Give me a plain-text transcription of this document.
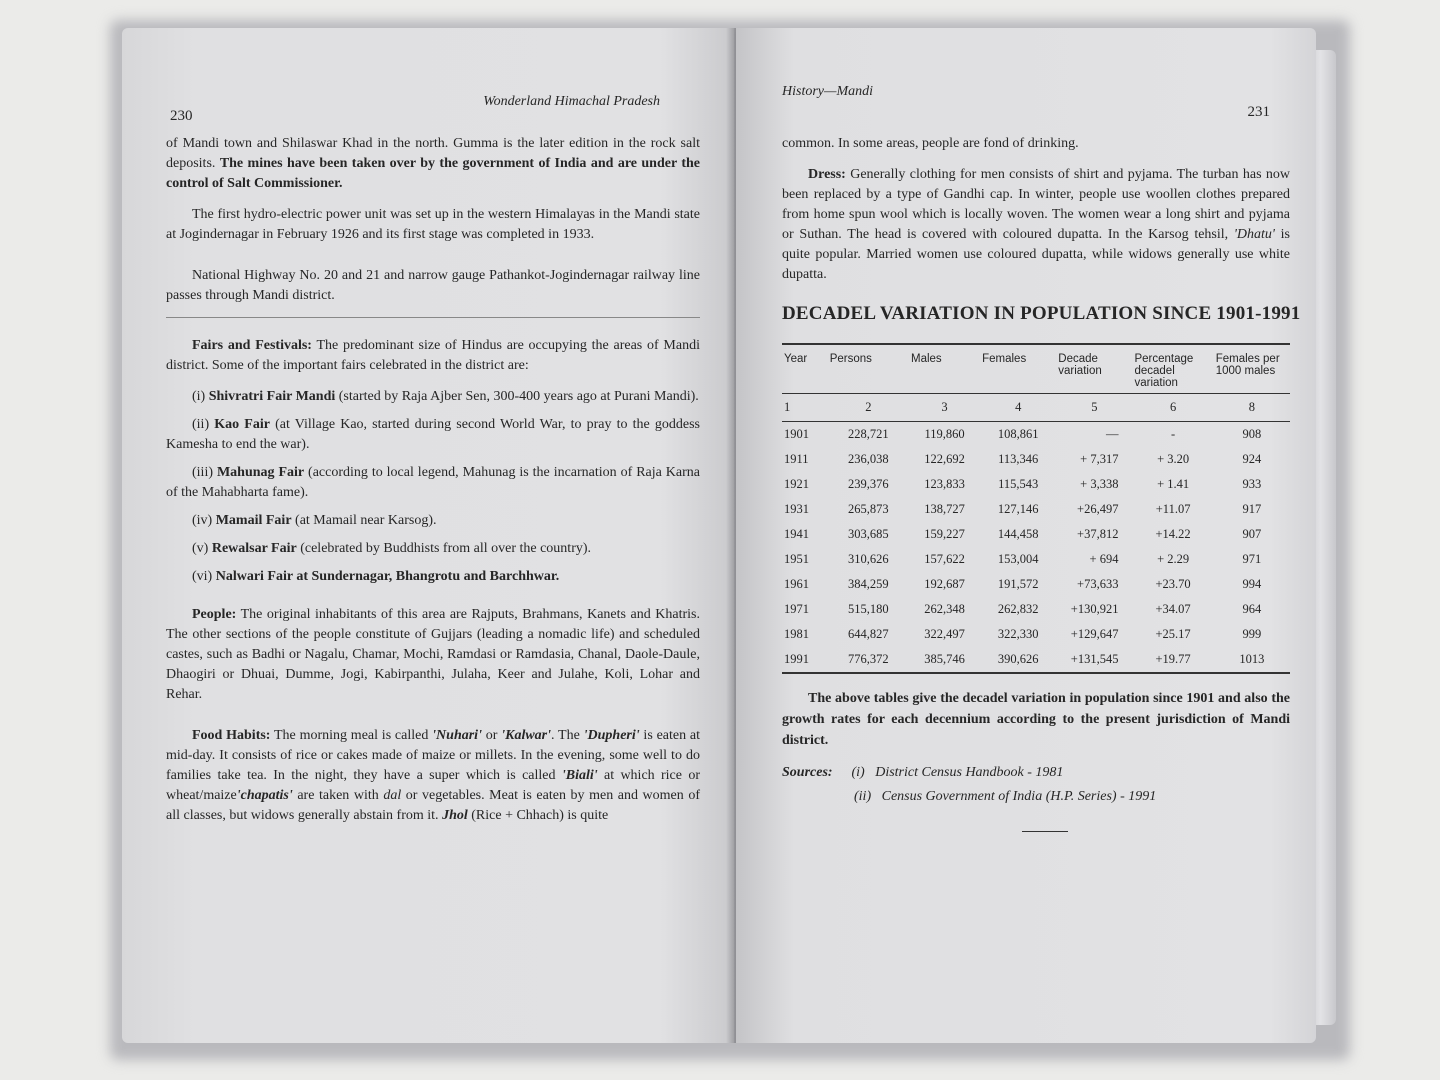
230
Wonderland Himachal Pradesh

of Mandi town and Shilaswar Khad in the north. Gumma is the later edition in the rock salt deposits. The mines have been taken over by the government of India and are under the control of Salt Commissioner.

The first hydro-electric power unit was set up in the western Himalayas in the Mandi state at Jogindernagar in February 1926 and its first stage was completed in 1933.

National Highway No. 20 and 21 and narrow gauge Pathankot-Jogindernagar railway line passes through Mandi district.

Fairs and Festivals: The predominant size of Hindus are occupying the areas of Mandi district. Some of the important fairs celebrated in the district are:

(i) Shivratri Fair Mandi (started by Raja Ajber Sen, 300-400 years ago at Purani Mandi).

(ii) Kao Fair (at Village Kao, started during second World War, to pray to the goddess Kamesha to end the war).

(iii) Mahunag Fair (according to local legend, Mahunag is the incarnation of Raja Karna of the Mahabharta fame).

(iv) Mamail Fair (at Mamail near Karsog).

(v) Rewalsar Fair (celebrated by Buddhists from all over the country).

(vi) Nalwari Fair at Sundernagar, Bhangrotu and Barchhwar.

People: The original inhabitants of this area are Rajputs, Brahmans, Kanets and Khatris. The other sections of the people constitute of Gujjars (leading a nomadic life) and scheduled castes, such as Badhi or Nagalu, Chamar, Mochi, Ramdasi or Ramdasia, Chanal, Daole-Daule, Dhaogiri or Dhuai, Dumme, Jogi, Kabirpanthi, Julaha, Keer and Julahe, Koli, Lohar and Rehar.

Food Habits: The morning meal is called 'Nuhari' or 'Kalwar'. The 'Dupheri' is eaten at mid-day. It consists of rice or cakes made of maize or millets. In the evening, some well to do families take tea. In the night, they have a super which is called 'Biali' at which rice or wheat/maize'chapatis' are taken with dal or vegetables. Meat is eaten by men and women of all classes, but widows generally abstain from it. Jhol (Rice + Chhach) is quite

History—Mandi
231

common. In some areas, people are fond of drinking.

Dress: Generally clothing for men consists of shirt and pyjama. The turban has now been replaced by a type of Gandhi cap. In winter, people use woollen clothes prepared from home spun wool which is locally woven. The women wear a long shirt and pyjama or Suthan. The head is covered with coloured dupatta. In the Karsog tehsil, 'Dhatu' is quite popular. Married women use coloured dupatta, while widows generally use white dupatta.

DECADEL VARIATION IN POPULATION SINCE 1901-1991
Year	Persons	Males	Females	Decade variation	Percentage decadel variation	Females per 1000 males
1	2	3	4	5	6	8
1901	228,721	119,860	108,861	—	-	908
1911	236,038	122,692	113,346	+ 7,317	+ 3.20	924
1921	239,376	123,833	115,543	+ 3,338	+ 1.41	933
1931	265,873	138,727	127,146	+26,497	+11.07	917
1941	303,685	159,227	144,458	+37,812	+14.22	907
1951	310,626	157,622	153,004	+ 694	+ 2.29	971
1961	384,259	192,687	191,572	+73,633	+23.70	994
1971	515,180	262,348	262,832	+130,921	+34.07	964
1981	644,827	322,497	322,330	+129,647	+25.17	999
1991	776,372	385,746	390,626	+131,545	+19.77	1013

The above tables give the decadel variation in population since 1901 and also the growth rates for each decennium according to the present jurisdiction of Mandi district.

Sources: (i) District Census Handbook - 1981
(ii) Census Government of India (H.P. Series) - 1991
